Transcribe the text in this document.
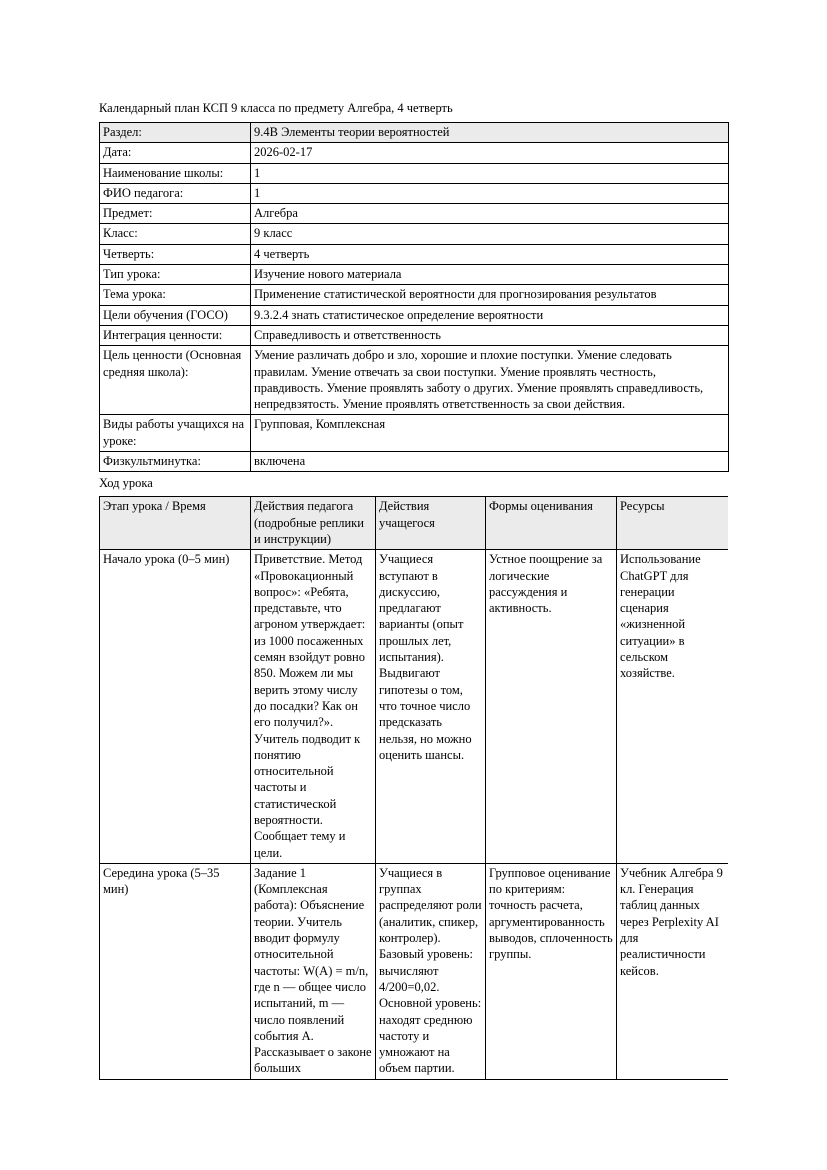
Календарный план КСП 9 класса по предмету Алгебра, 4 четверть

Раздел:	9.4В Элементы теории вероятностей
Дата:	2026-02-17
Наименование школы:	1
ФИО педагога:	1
Предмет:	Алгебра
Класс:	9 класс
Четверть:	4 четверть
Тип урока:	Изучение нового материала
Тема урока:	Применение статистической вероятности для прогнозирования результатов
Цели обучения (ГОСО)	9.3.2.4 знать статистическое определение вероятности
Интеграция ценности:	Справедливость и ответственность
Цель ценности (Основная средняя школа):	Умение различать добро и зло, хорошие и плохие поступки. Умение следовать правилам. Умение отвечать за свои поступки. Умение проявлять честность, правдивость. Умение проявлять заботу о других. Умение проявлять справедливость, непредвзятость. Умение проявлять ответственность за свои действия.
Виды работы учащихся на уроке:	Групповая, Комплексная
Физкультминутка:	включена

Ход урока

Этап урока / Время	Действия педагога (подробные реплики и инструкции)	Действия учащегося	Формы оценивания	Ресурсы
Начало урока (0–5 мин)	Приветствие. Метод «Провокационный вопрос»: «Ребята, представьте, что агроном утверждает: из 1000 посаженных семян взойдут ровно 850. Можем ли мы верить этому числу до посадки? Как он его получил?». Учитель подводит к понятию относительной частоты и статистической вероятности. Сообщает тему и цели.	Учащиеся вступают в дискуссию, предлагают варианты (опыт прошлых лет, испытания). Выдвигают гипотезы о том, что точное число предсказать нельзя, но можно оценить шансы.	Устное поощрение за логические рассуждения и активность.	Использование ChatGPT для генерации сценария «жизненной ситуации» в сельском хозяйстве.
Середина урока (5–35 мин)	Задание 1 (Комплексная работа): Объяснение теории. Учитель вводит формулу относительной частоты: W(A) = m/n, где n — общее число испытаний, m — число появлений события А. Рассказывает о законе больших	Учащиеся в группах распределяют роли (аналитик, спикер, контролер). Базовый уровень: вычисляют 4/200=0,02. Основной уровень: находят среднюю частоту и умножают на объем партии.	Групповое оценивание по критериям: точность расчета, аргументированность выводов, сплоченность группы.	Учебник Алгебра 9 кл. Генерация таблиц данных через Perplexity AI для реалистичности кейсов.
